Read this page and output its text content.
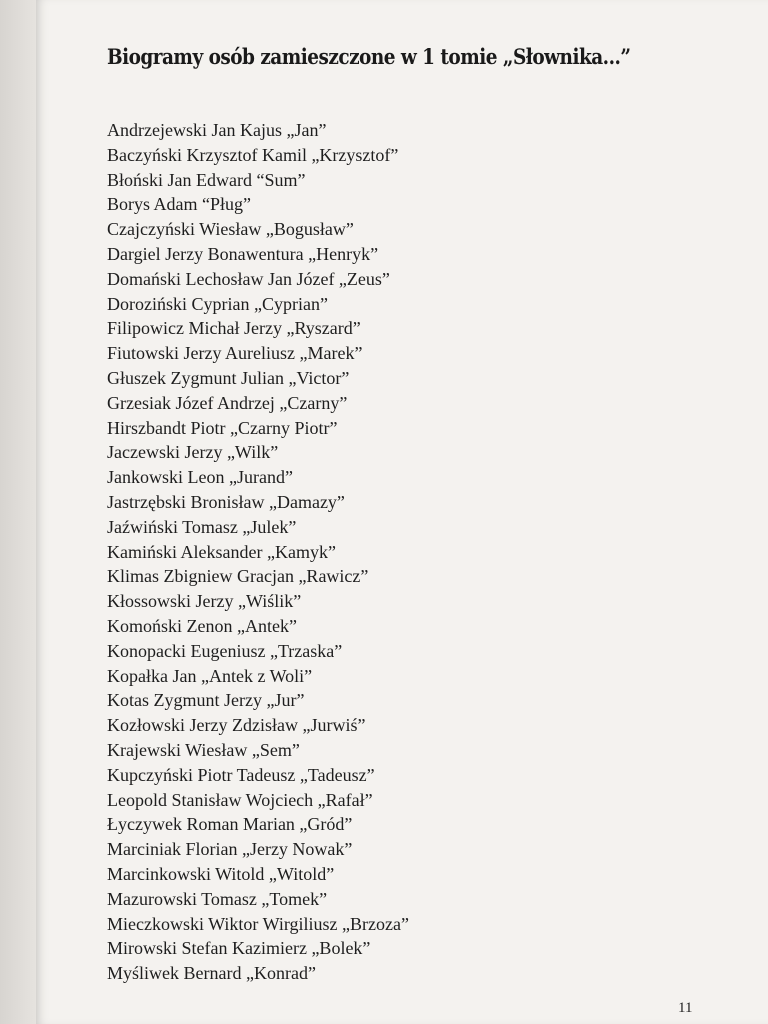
Biogramy osób zamieszczone w 1 tomie „Słownika...”
Andrzejewski Jan Kajus „Jan”
Baczyński Krzysztof Kamil „Krzysztof”
Błoński Jan Edward “Sum”
Borys Adam “Pług”
Czajczyński Wiesław „Bogusław”
Dargiel Jerzy Bonawentura „Henryk”
Domański Lechosław Jan Józef „Zeus”
Doroziński Cyprian „Cyprian”
Filipowicz Michał Jerzy „Ryszard”
Fiutowski Jerzy Aureliusz „Marek”
Głuszek Zygmunt Julian „Victor”
Grzesiak Józef Andrzej „Czarny”
Hirszbandt Piotr „Czarny Piotr”
Jaczewski Jerzy „Wilk”
Jankowski Leon „Jurand”
Jastrzębski Bronisław „Damazy”
Jaźwiński Tomasz „Julek”
Kamiński Aleksander „Kamyk”
Klimas Zbigniew Gracjan „Rawicz”
Kłossowski Jerzy „Wiślik”
Komoński Zenon „Antek”
Konopacki Eugeniusz „Trzaska”
Kopałka Jan „Antek z Woli”
Kotas Zygmunt Jerzy „Jur”
Kozłowski Jerzy Zdzisław „Jurwiś”
Krajewski Wiesław „Sem”
Kupczyński Piotr Tadeusz „Tadeusz”
Leopold Stanisław Wojciech „Rafał”
Łyczywek Roman Marian „Gród”
Marciniak Florian „Jerzy Nowak”
Marcinkowski Witold „Witold”
Mazurowski Tomasz „Tomek”
Mieczkowski Wiktor Wirgiliusz „Brzoza”
Mirowski Stefan Kazimierz „Bolek”
Myśliwek Bernard „Konrad”
11
